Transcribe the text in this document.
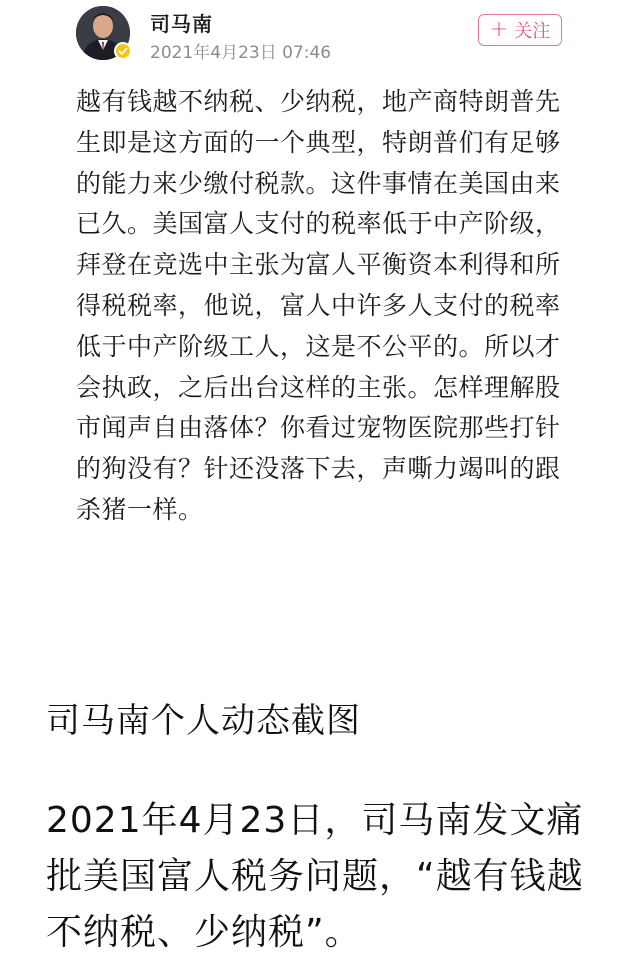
司马南
2021年4月23日 07:46
+ 关注

越有钱越不纳税、少纳税，地产商特朗普先生即是这方面的一个典型，特朗普们有足够的能力来少缴付税款。这件事情在美国由来已久。美国富人支付的税率低于中产阶级，拜登在竞选中主张为富人平衡资本利得和所得税税率，他说，富人中许多人支付的税率低于中产阶级工人，这是不公平的。所以才会执政，之后出台这样的主张。怎样理解股市闻声自由落体？你看过宠物医院那些打针的狗没有？针还没落下去，声嘶力竭叫的跟杀猪一样。

司马南个人动态截图

2021年4月23日，司马南发文痛批美国富人税务问题，“越有钱越不纳税、少纳税”。
